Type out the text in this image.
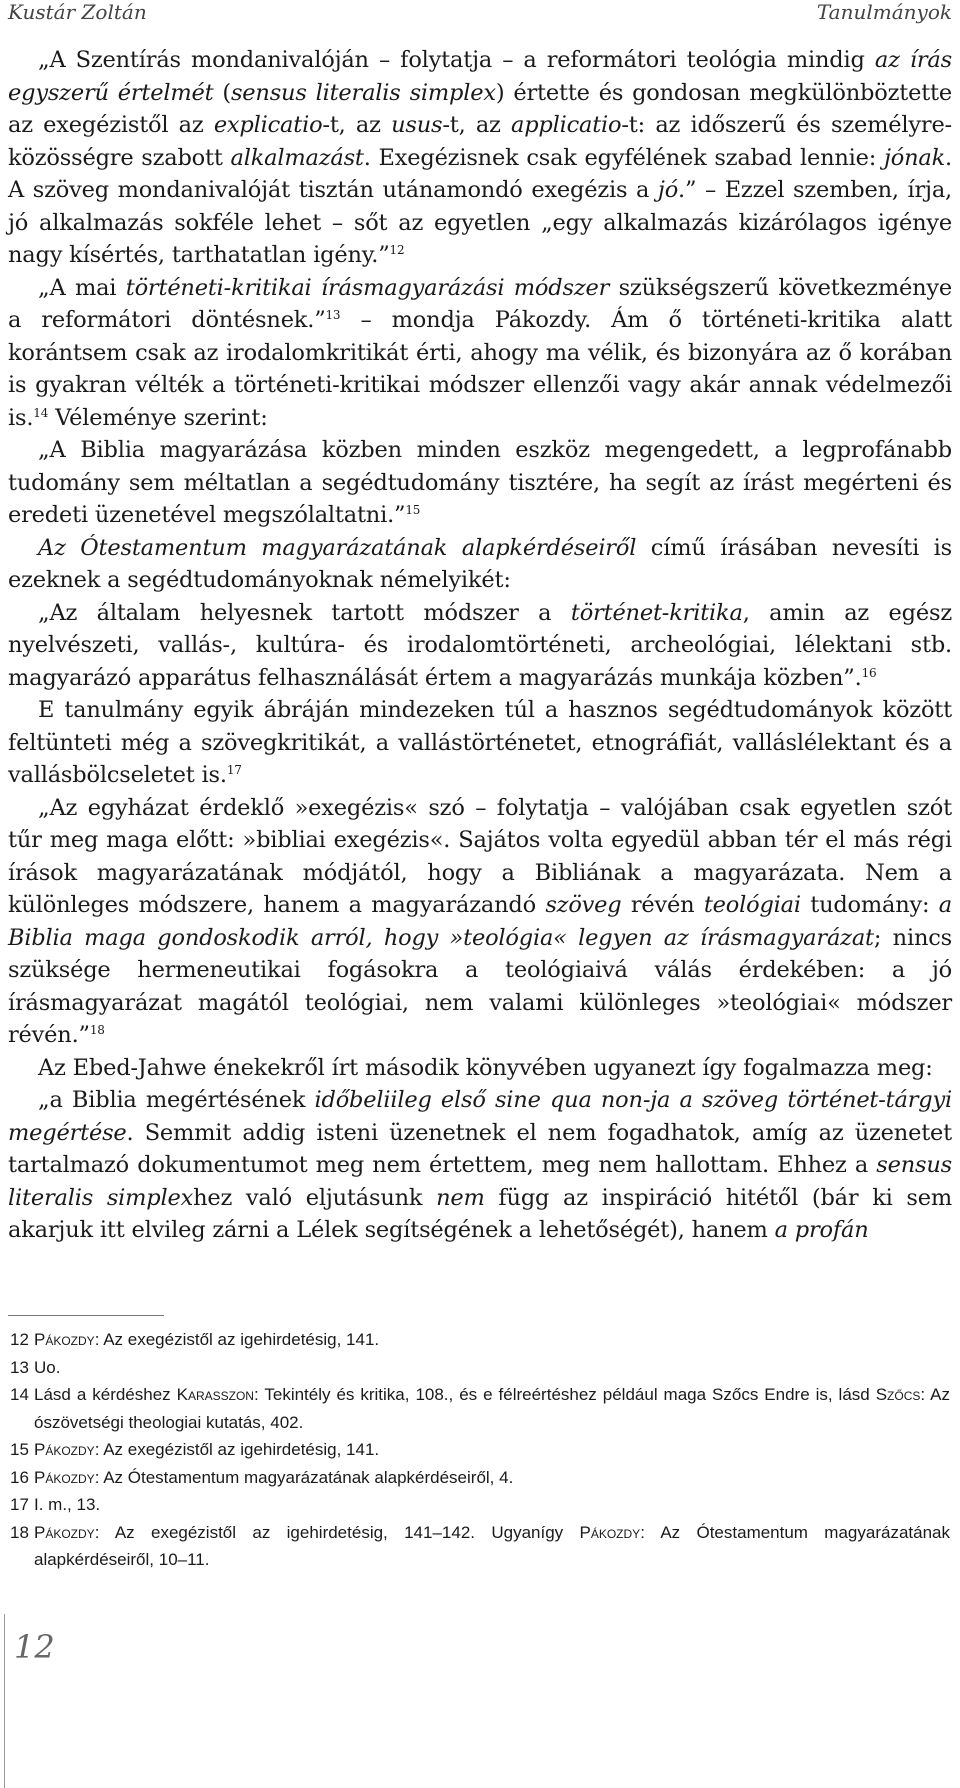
Kustár Zoltán	Tanulmányok

„A Szentírás mondanivalóján – folytatja – a reformátori teológia mindig az írás egyszerű értelmét (sensus literalis simplex) értette és gondosan megkülönböztette az exegézistől az explicatio-t, az usus-t, az applicatio-t: az időszerű és személyre-közösségre szabott alkalmazást. Exegézisnek csak egyfélének szabad lennie: jónak. A szöveg mondanivalóját tisztán utánamondó exegézis a jó.” – Ezzel szemben, írja, jó alkalmazás sokféle lehet – sőt az egyetlen „egy alkalmazás kizárólagos igénye nagy kísértés, tarthatatlan igény.”$^{12}$

„A mai történeti-kritikai írásmagyarázási módszer szükségszerű következménye a reformátori döntésnek.”$^{13}$ – mondja Pákozdy. Ám ő történeti-kritika alatt korántsem csak az irodalomkritikát érti, ahogy ma vélik, és bizonyára az ő korában is gyakran vélték a történeti-kritikai módszer ellenzői vagy akár annak védelmezői is.$^{14}$ Véleménye szerint:

„A Biblia magyarázása közben minden eszköz megengedett, a legprofánabb tudomány sem méltatlan a segédtudomány tisztére, ha segít az írást megérteni és eredeti üzenetével megszólaltatni.”$^{15}$

Az Ótestamentum magyarázatának alapkérdéseiről című írásában nevesíti is ezeknek a segédtudományoknak némelyikét:

„Az általam helyesnek tartott módszer a történet-kritika, amin az egész nyelvészeti, vallás-, kultúra- és irodalomtörténeti, archeológiai, lélektani stb. magyarázó apparátus felhasználását értem a magyarázás munkája közben”.$^{16}$

E tanulmány egyik ábráján mindezeken túl a hasznos segédtudományok között feltünteti még a szövegkritikát, a vallástörténetet, etnográfiát, valláslélektant és a vallásbölcseletet is.$^{17}$

„Az egyházat érdeklő »exegézis« szó – folytatja – valójában csak egyetlen szót tűr meg maga előtt: »bibliai exegézis«. Sajátos volta egyedül abban tér el más régi írások magyarázatának módjától, hogy a Bibliának a magyarázata. Nem a különleges módszere, hanem a magyarázandó szöveg révén teológiai tudomány: a Biblia maga gondoskodik arról, hogy »teológia« legyen az írásmagyarázat; nincs szüksége hermeneutikai fogásokra a teológiaivá válás érdekében: a jó írásmagyarázat magától teológiai, nem valami különleges »teológiai« módszer révén.”$^{18}$

Az Ebed-Jahwe énekekről írt második könyvében ugyanezt így fogalmazza meg:

„a Biblia megértésének időbeliileg első sine qua non-ja a szöveg történet-tárgyi megértése. Semmit addig isteni üzenetnek el nem fogadhatok, amíg az üzenetet tartalmazó dokumentumot meg nem értettem, meg nem hallottam. Ehhez a sensus literalis simplexhez való eljutásunk nem függ az inspiráció hitétől (bár ki sem akarjuk itt elvileg zárni a Lélek segítségének a lehetőségét), hanem a profán

12 Pákozdy: Az exegézistől az igehirdetésig, 141.
13 Uo.
14 Lásd a kérdéshez Karasszon: Tekintély és kritika, 108., és e félreértéshez például maga Szőcs Endre is, lásd Szőcs: Az ószövetségi theologiai kutatás, 402.
15 Pákozdy: Az exegézistől az igehirdetésig, 141.
16 Pákozdy: Az Ótestamentum magyarázatának alapkérdéseiről, 4.
17 I. m., 13.
18 Pákozdy: Az exegézistől az igehirdetésig, 141–142. Ugyanígy Pákozdy: Az Ótestamentum magyarázatának alapkérdéseiről, 10–11.
12
